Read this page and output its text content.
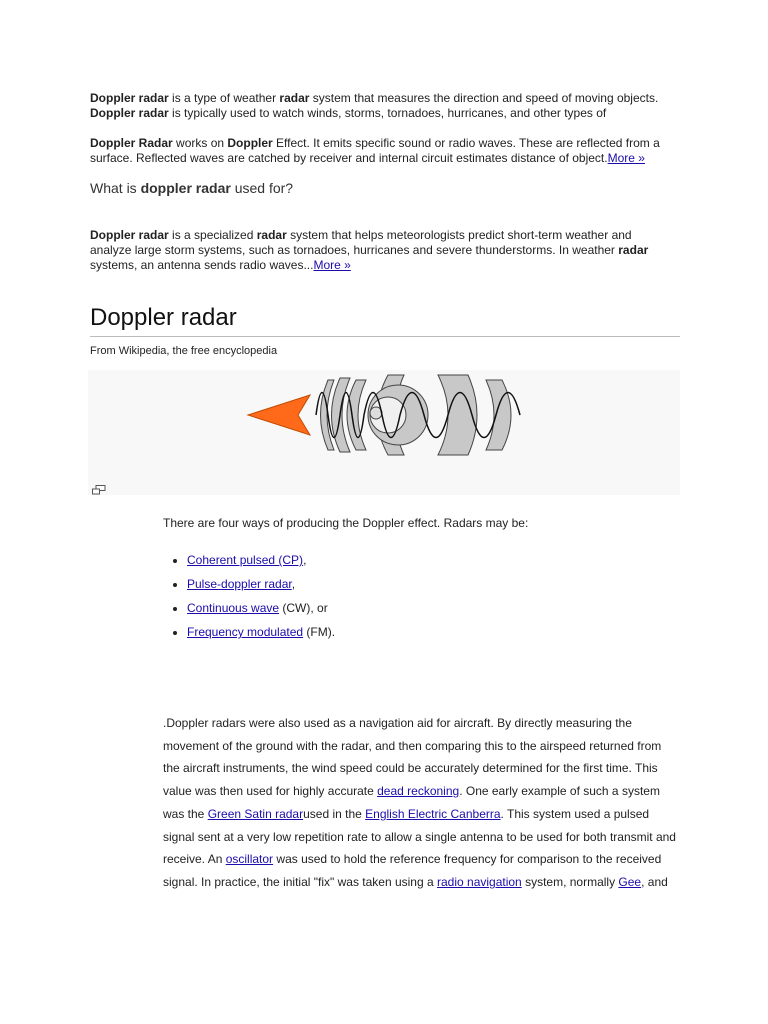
Doppler radar is a type of weather radar system that measures the direction and speed of moving objects. Doppler radar is typically used to watch winds, storms, tornadoes, hurricanes, and other types of

Doppler Radar works on Doppler Effect. It emits specific sound or radio waves. These are reflected from a surface. Reflected waves are catched by receiver and internal circuit estimates distance of object.More »

What is doppler radar used for?

Doppler radar is a specialized radar system that helps meteorologists predict short-term weather and analyze large storm systems, such as tornadoes, hurricanes and severe thunderstorms. In weather radar systems, an antenna sends radio waves...More »

Doppler radar
From Wikipedia, the free encyclopedia
There are four ways of producing the Doppler effect. Radars may be:
• Coherent pulsed (CP),
• Pulse-doppler radar,
• Continuous wave (CW), or
• Frequency modulated (FM).

.Doppler radars were also used as a navigation aid for aircraft. By directly measuring the movement of the ground with the radar, and then comparing this to the airspeed returned from the aircraft instruments, the wind speed could be accurately determined for the first time. This value was then used for highly accurate dead reckoning. One early example of such a system was the Green Satin radarused in the English Electric Canberra. This system used a pulsed signal sent at a very low repetition rate to allow a single antenna to be used for both transmit and receive. An oscillator was used to hold the reference frequency for comparison to the received signal. In practice, the initial "fix" was taken using a radio navigation system, normally Gee, and
